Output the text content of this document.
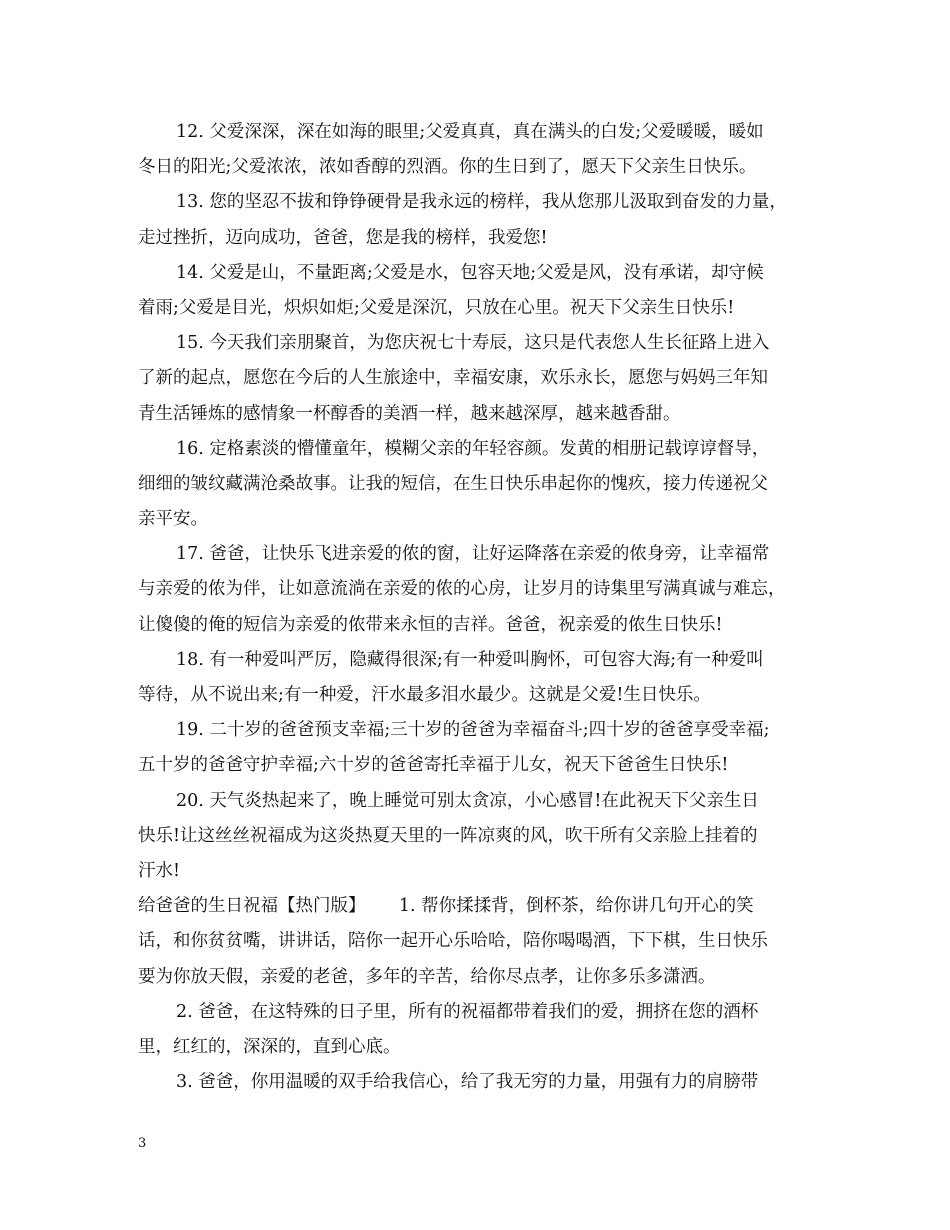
12. 父爱深深，深在如海的眼里;父爱真真，真在满头的白发;父爱暖暖，暖如
冬日的阳光;父爱浓浓，浓如香醇的烈酒。你的生日到了，愿天下父亲生日快乐。
13. 您的坚忍不拔和铮铮硬骨是我永远的榜样，我从您那儿汲取到奋发的力量，
走过挫折，迈向成功，爸爸，您是我的榜样，我爱您!
14. 父爱是山，不量距离;父爱是水，包容天地;父爱是风，没有承诺，却守候
着雨;父爱是目光，炽炽如炬;父爱是深沉，只放在心里。祝天下父亲生日快乐!
15. 今天我们亲朋聚首，为您庆祝七十寿辰，这只是代表您人生长征路上进入
了新的起点，愿您在今后的人生旅途中，幸福安康，欢乐永长，愿您与妈妈三年知
青生活锤炼的感情象一杯醇香的美酒一样，越来越深厚，越来越香甜。
16. 定格素淡的懵懂童年，模糊父亲的年轻容颜。发黄的相册记载谆谆督导，
细细的皱纹藏满沧桑故事。让我的短信，在生日快乐串起你的愧疚，接力传递祝父
亲平安。
17. 爸爸，让快乐飞进亲爱的侬的窗，让好运降落在亲爱的侬身旁，让幸福常
与亲爱的侬为伴，让如意流淌在亲爱的侬的心房，让岁月的诗集里写满真诚与难忘，
让傻傻的俺的短信为亲爱的侬带来永恒的吉祥。爸爸，祝亲爱的侬生日快乐!
18. 有一种爱叫严厉，隐藏得很深;有一种爱叫胸怀，可包容大海;有一种爱叫
等待，从不说出来;有一种爱，汗水最多泪水最少。这就是父爱!生日快乐。
19. 二十岁的爸爸预支幸福;三十岁的爸爸为幸福奋斗;四十岁的爸爸享受幸福;
五十岁的爸爸守护幸福;六十岁的爸爸寄托幸福于儿女，祝天下爸爸生日快乐!
20. 天气炎热起来了，晚上睡觉可别太贪凉，小心感冒!在此祝天下父亲生日
快乐!让这丝丝祝福成为这炎热夏天里的一阵凉爽的风，吹干所有父亲脸上挂着的
汗水!
给爸爸的生日祝福【热门版】      1. 帮你揉揉背，倒杯茶，给你讲几句开心的笑
话，和你贫贫嘴，讲讲话，陪你一起开心乐哈哈，陪你喝喝酒，下下棋，生日快乐
要为你放天假，亲爱的老爸，多年的辛苦，给你尽点孝，让你多乐多潇洒。
2. 爸爸，在这特殊的日子里，所有的祝福都带着我们的爱，拥挤在您的酒杯
里，红红的，深深的，直到心底。
3. 爸爸，你用温暖的双手给我信心，给了我无穷的力量，用强有力的肩膀带
3
